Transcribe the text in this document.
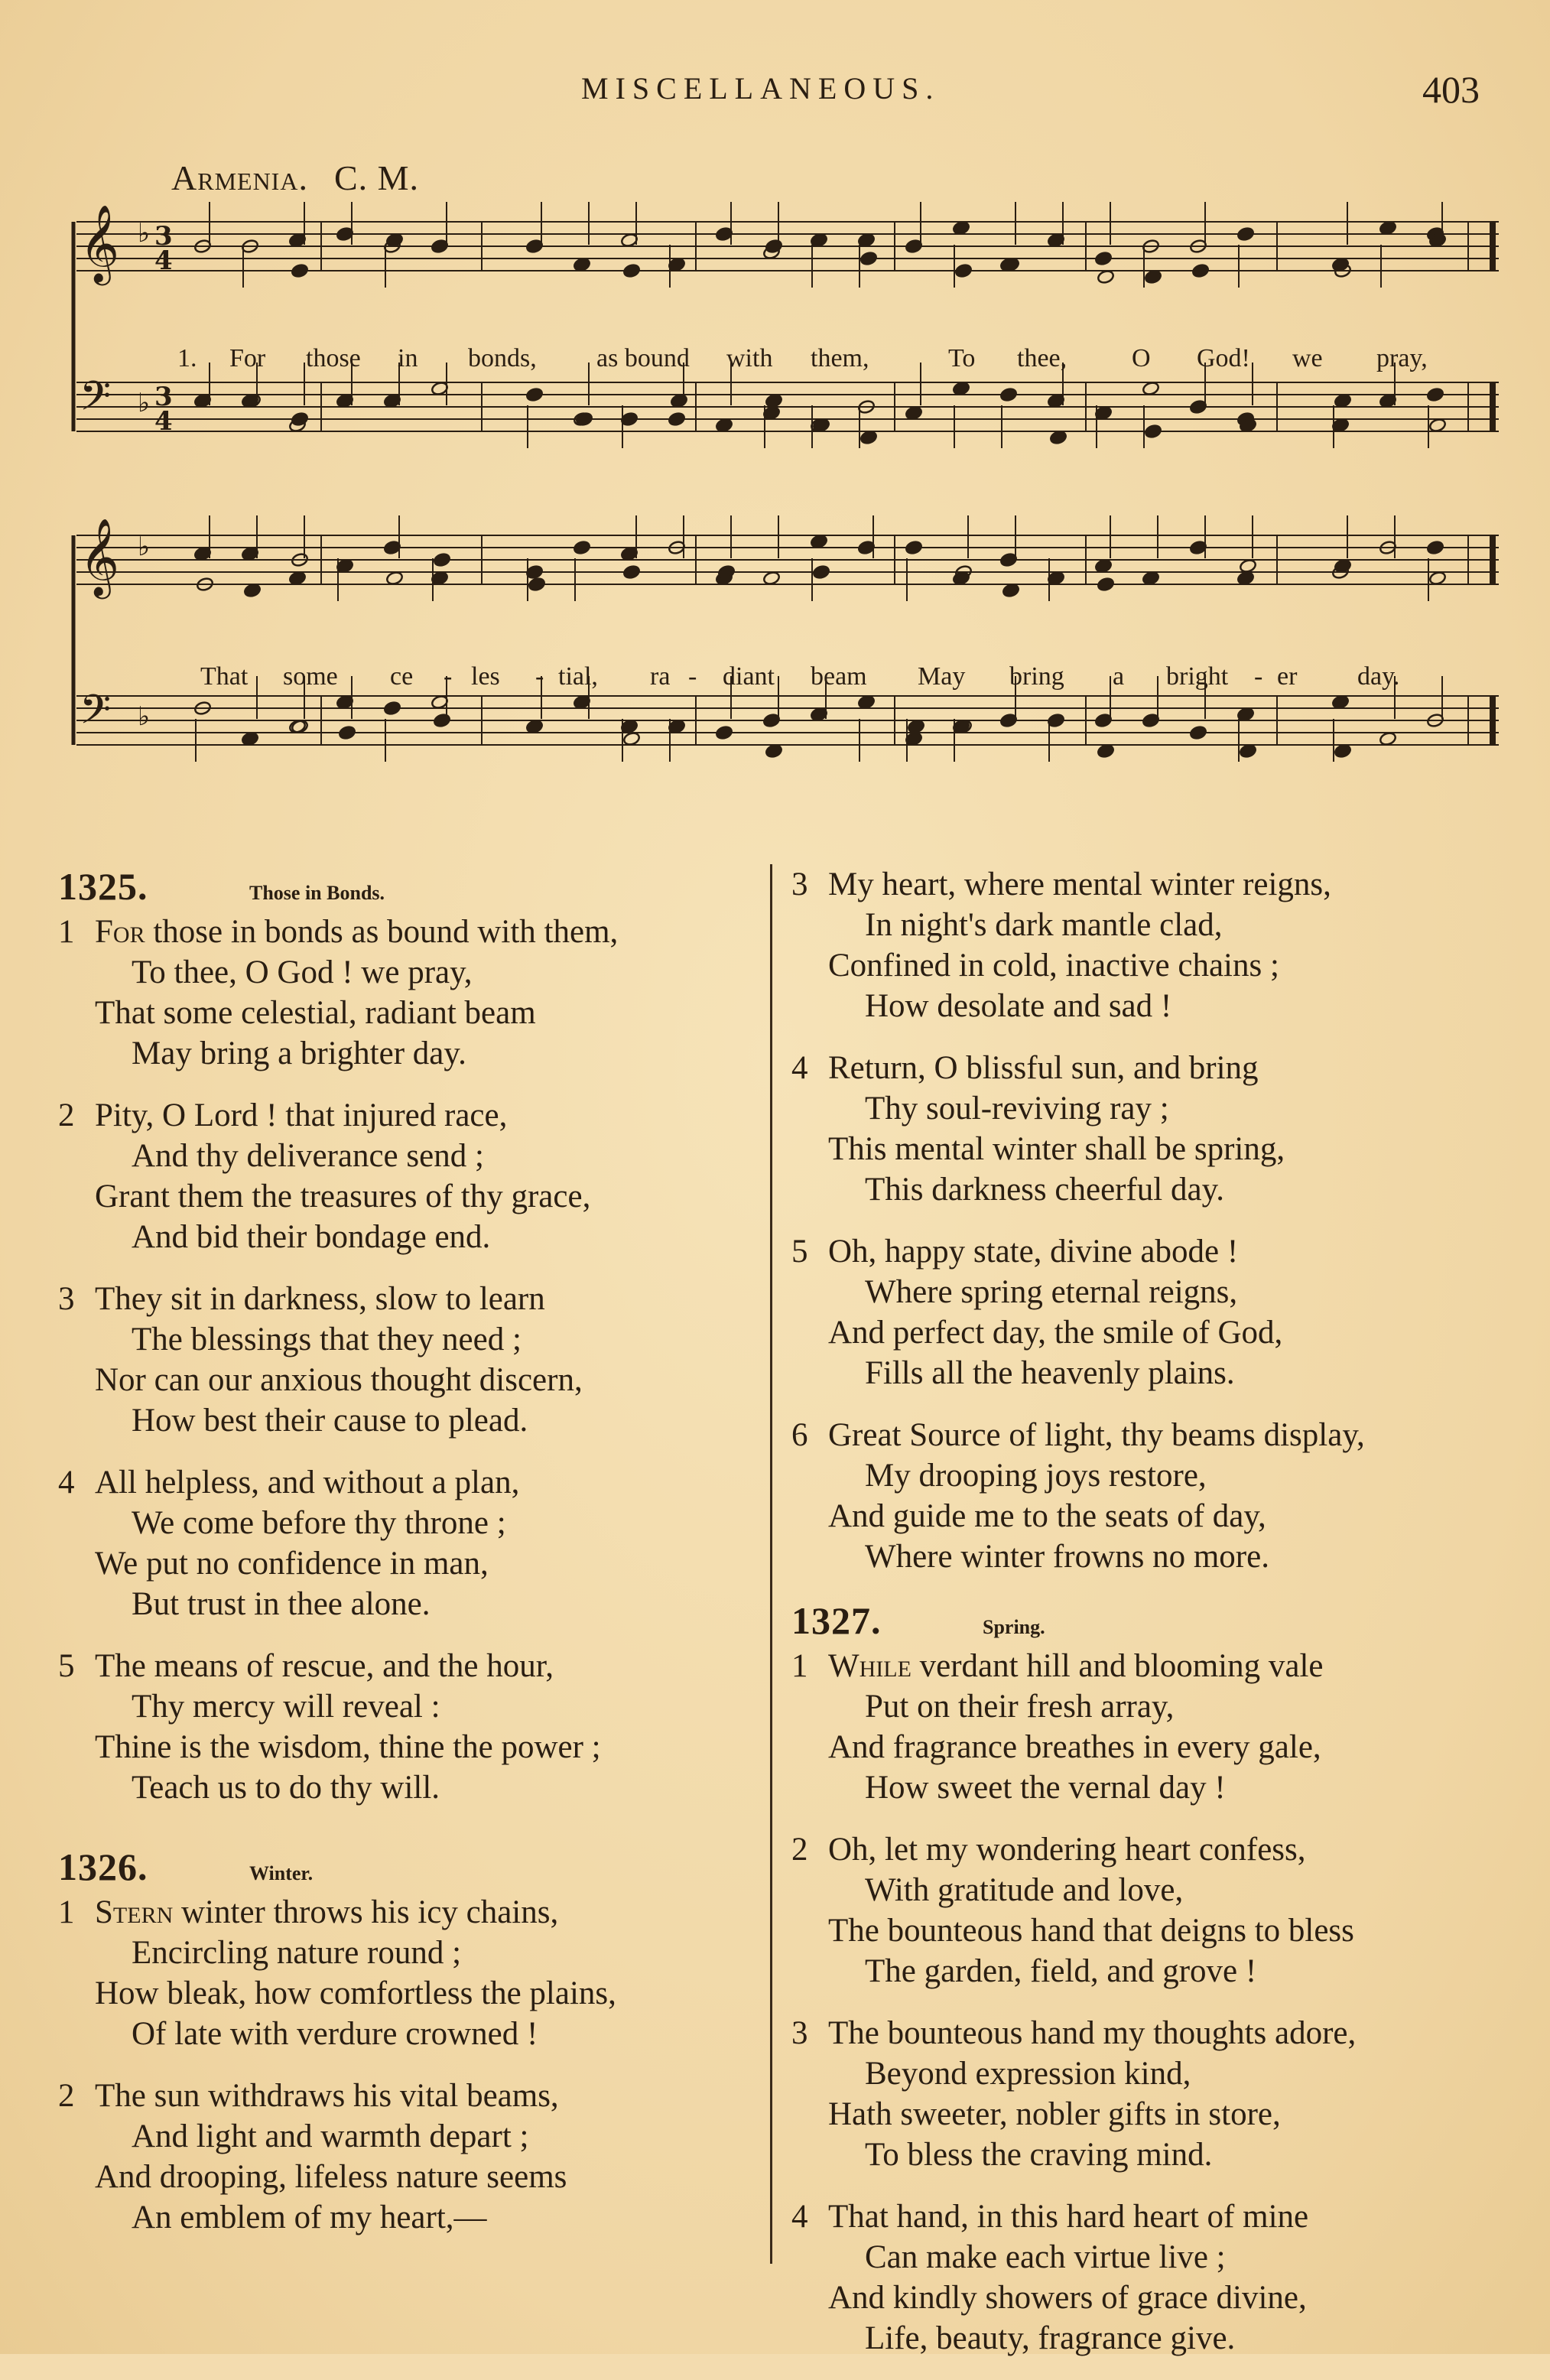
MISCELLANEOUS.	403
Armenia. C. M.
𝄞 ♭ 3
4
𝄢 ♭ 3
4
𝄞 ♭
𝄢 ♭
1. For those in bonds, as bound with them,	To thee, O God! we pray,
That some ce - les - tial, ra - diant beam May bring a bright - er day.
1325.	Those in Bonds.
1 For those in bonds as bound with them,
To thee, O God ! we pray,
That some celestial, radiant beam
May bring a brighter day.
2 Pity, O Lord ! that injured race,
And thy deliverance send ;
Grant them the treasures of thy grace,
And bid their bondage end.
3 They sit in darkness, slow to learn
The blessings that they need ;
Nor can our anxious thought discern,
How best their cause to plead.
4 All helpless, and without a plan,
We come before thy throne ;
We put no confidence in man,
But trust in thee alone.
5 The means of rescue, and the hour,
Thy mercy will reveal :
Thine is the wisdom, thine the power ;
Teach us to do thy will.
1326.	Winter.
1 Stern winter throws his icy chains,
Encircling nature round ;
How bleak, how comfortless the plains,
Of late with verdure crowned !
2 The sun withdraws his vital beams,
And light and warmth depart ;
And drooping, lifeless nature seems
An emblem of my heart,—
3 My heart, where mental winter reigns,
In night's dark mantle clad,
Confined in cold, inactive chains ;
How desolate and sad !
4 Return, O blissful sun, and bring
Thy soul-reviving ray ;
This mental winter shall be spring,
This darkness cheerful day.
5 Oh, happy state, divine abode !
Where spring eternal reigns,
And perfect day, the smile of God,
Fills all the heavenly plains.
6 Great Source of light, thy beams display,
My drooping joys restore,
And guide me to the seats of day,
Where winter frowns no more.
1327.	Spring.
1 While verdant hill and blooming vale
Put on their fresh array,
And fragrance breathes in every gale,
How sweet the vernal day !
2 Oh, let my wondering heart confess,
With gratitude and love,
The bounteous hand that deigns to bless
The garden, field, and grove !
3 The bounteous hand my thoughts adore,
Beyond expression kind,
Hath sweeter, nobler gifts in store,
To bless the craving mind.
4 That hand, in this hard heart of mine
Can make each virtue live ;
And kindly showers of grace divine,
Life, beauty, fragrance give.
